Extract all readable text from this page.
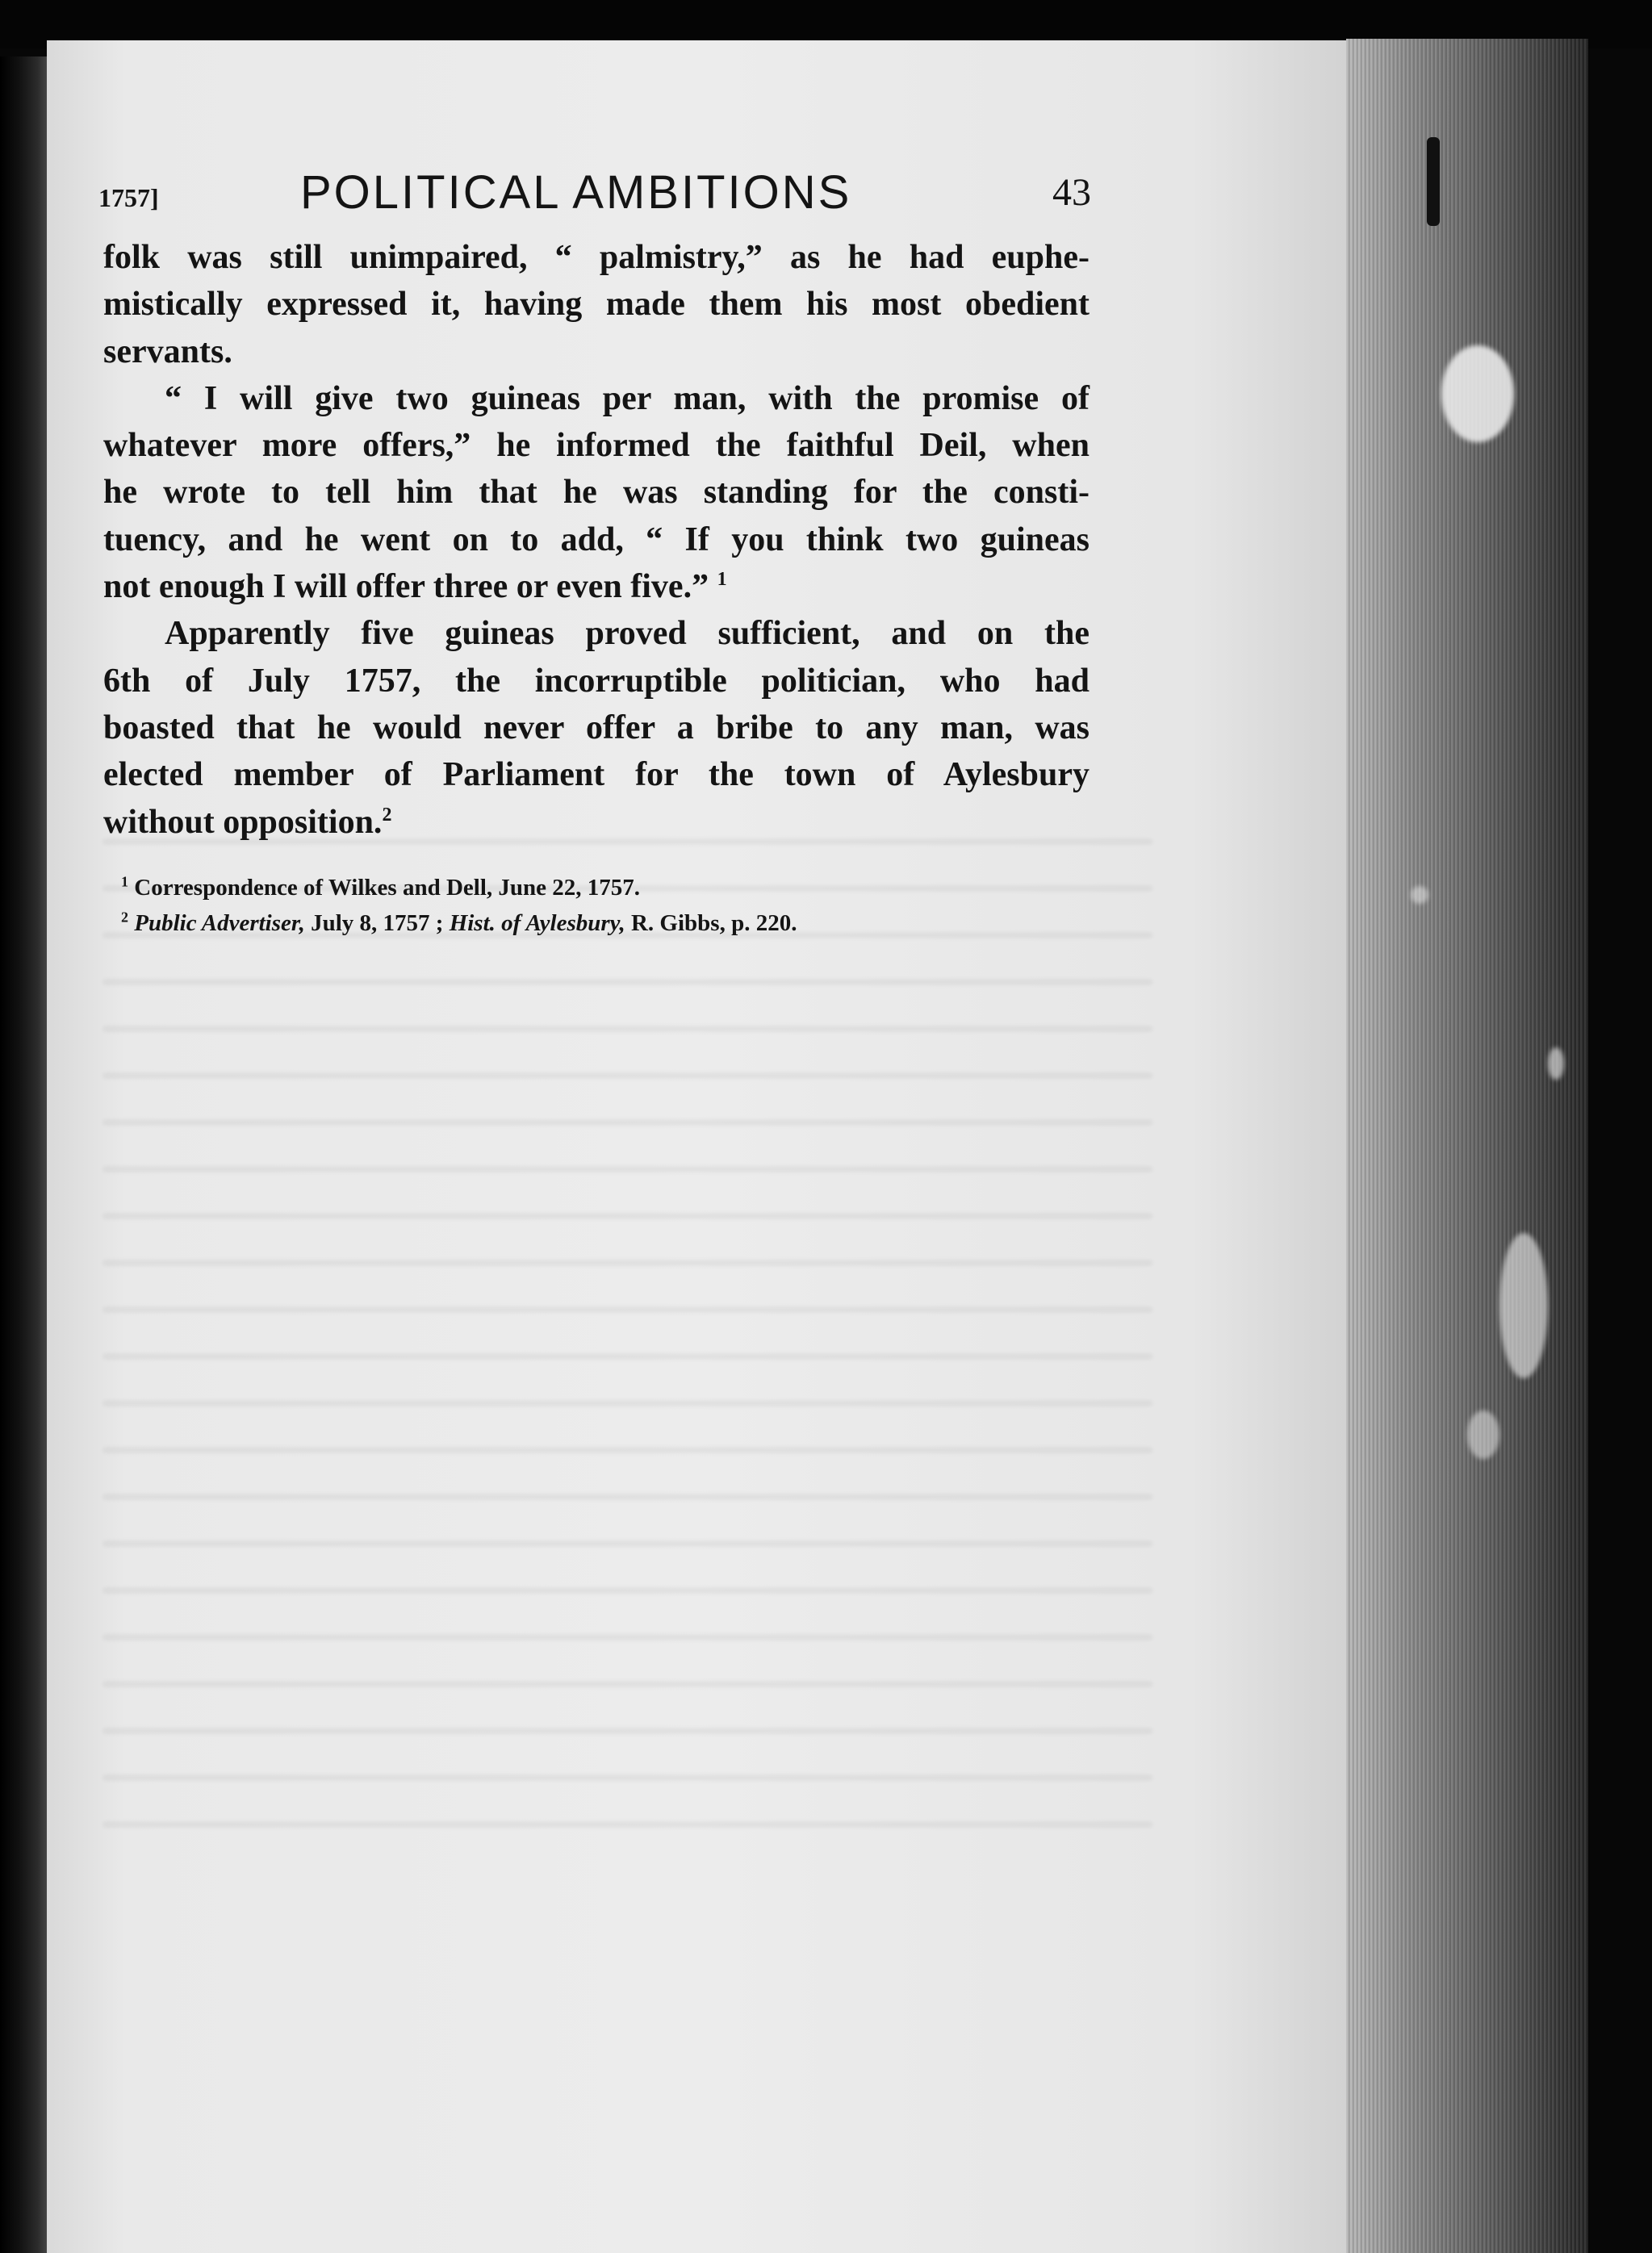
1757]	POLITICAL AMBITIONS	43

folk was still unimpaired, “ palmistry,” as he had euphe-

mistically expressed it, having made them his most obedient

servants.

“ I will give two guineas per man, with the promise of

whatever more offers,” he informed the faithful Deil, when

he wrote to tell him that he was standing for the consti-

tuency, and he went on to add, “ If you think two guineas

not enough I will offer three or even five.” $^1$

Apparently five guineas proved sufficient, and on the

6th of July 1757, the incorruptible politician, who had

boasted that he would never offer a bribe to any man, was

elected member of Parliament for the town of Aylesbury

without opposition.$^2$

$^1$ Correspondence of Wilkes and Dell, June 22, 1757.
$^2$ Public Advertiser, July 8, 1757 ; Hist. of Aylesbury, R. Gibbs, p. 220.
